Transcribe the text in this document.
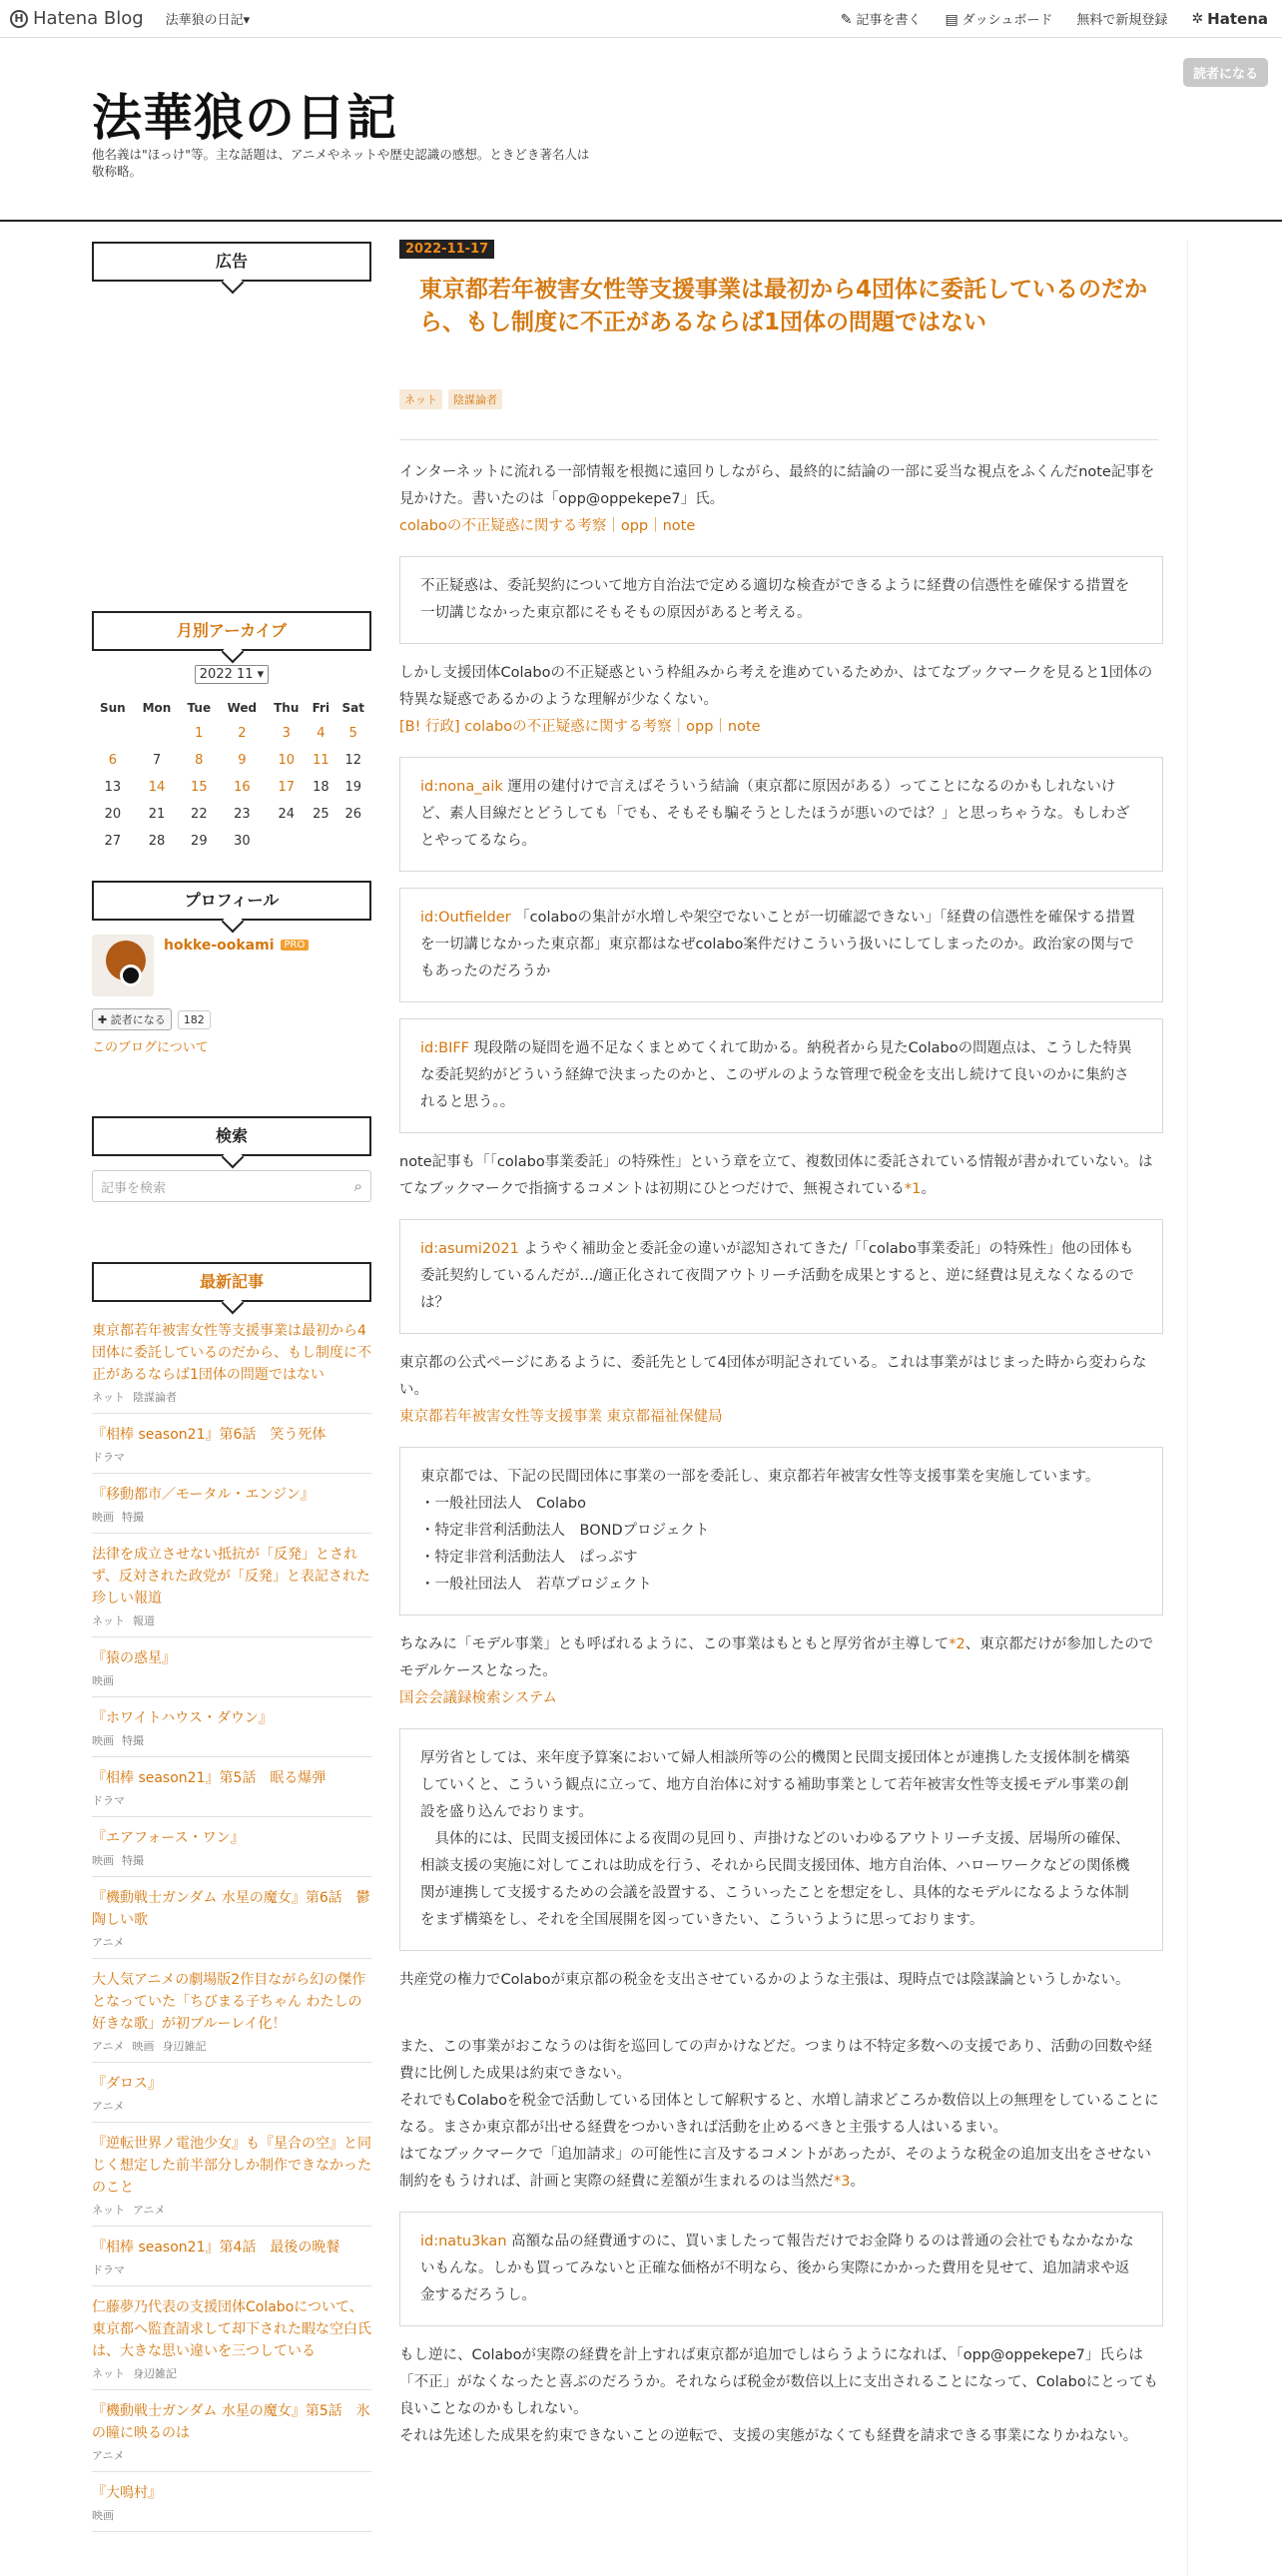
H Hatena Blog 法華狼の日記▾	✎ 記事を書く ▤ ダッシュボード 無料で新規登録 ✲ Hatena
法華狼の日記
他名義は"ほっけ"等。主な話題は、アニメやネットや歴史認識の感想。ときどき著名人は敬称略。
読者になる
広告
月別アーカイブ
2022 11 ▾
Sun	Mon	Tue	Wed	Thu	Fri	Sat
		1	2	3	4	5
6	7	8	9	10	11	12
13	14	15	16	17	18	19
20	21	22	23	24	25	26
27	28	29	30			
プロフィール
hokke-ookami PRO
✚ 読者になる	182
このブログについて
検索
記事を検索	⌕
最新記事
東京都若年被害女性等支援事業は最初から4団体に委託しているのだから、もし制度に不正があるならば1団体の問題ではない
ネット 陰謀論者
『相棒 season21』第6話　笑う死体
ドラマ
『移動都市／モータル・エンジン』
映画 特撮
法律を成立させない抵抗が「反発」とされず、反対された政党が「反発」と表記された珍しい報道
ネット 報道
『猿の惑星』
映画
『ホワイトハウス・ダウン』
映画 特撮
『相棒 season21』第5話　眠る爆弾
ドラマ
『エアフォース・ワン』
映画 特撮
『機動戦士ガンダム 水星の魔女』第6話　鬱陶しい歌
アニメ
大人気アニメの劇場版2作目ながら幻の傑作となっていた「ちびまる子ちゃん わたしの好きな歌」が初ブルーレイ化！
アニメ 映画 身辺雑記
『ダロス』
アニメ
『逆転世界ノ電池少女』も『星合の空』と同じく想定した前半部分しか制作できなかったのこと
ネット アニメ
『相棒 season21』第4話　最後の晩餐
ドラマ
仁藤夢乃代表の支援団体Colaboについて、東京都へ監査請求して却下された暇な空白氏は、大きな思い違いを三つしている
ネット 身辺雑記
『機動戦士ガンダム 水星の魔女』第5話　氷の瞳に映るのは
アニメ
『大鳴村』
映画
2022-11-17
東京都若年被害女性等支援事業は最初から4団体に委託しているのだから、もし制度に不正があるならば1団体の問題ではない
ネット	陰謀論者

インターネットに流れる一部情報を根拠に遠回りしながら、最終的に結論の一部に妥当な視点をふくんだnote記事を見かけた。書いたのは「opp@oppekepe7」氏。

colaboの不正疑惑に関する考察｜opp｜note

不正疑惑は、委託契約について地方自治法で定める適切な検査ができるように経費の信憑性を確保する措置を一切講じなかった東京都にそもそもの原因があると考える。

しかし支援団体Colaboの不正疑惑という枠組みから考えを進めているためか、はてなブックマークを見ると1団体の特異な疑惑であるかのような理解が少なくない。

[B! 行政] colaboの不正疑惑に関する考察｜opp｜note

id:nona_aik 運用の建付けで言えばそういう結論（東京都に原因がある）ってことになるのかもしれないけど、素人目線だとどうしても「でも、そもそも騙そうとしたほうが悪いのでは？」と思っちゃうな。もしわざとやってるなら。
id:Outfielder 「colaboの集計が水増しや架空でないことが一切確認できない」「経費の信憑性を確保する措置を一切講じなかった東京都」東京都はなぜcolabo案件だけこういう扱いにしてしまったのか。政治家の関与でもあったのだろうか
id:BIFF 現段階の疑問を過不足なくまとめてくれて助かる。納税者から見たColaboの問題点は、こうした特異な委託契約がどういう経緯で決まったのかと、このザルのような管理で税金を支出し続けて良いのかに集約されると思う。。

note記事も「「colabo事業委託」の特殊性」という章を立て、複数団体に委託されている情報が書かれていない。はてなブックマークで指摘するコメントは初期にひとつだけで、無視されている*1。

id:asumi2021 ようやく補助金と委託金の違いが認知されてきた/「「colabo事業委託」の特殊性」他の団体も委託契約しているんだが.../適正化されて夜間アウトリーチ活動を成果とすると、逆に経費は見えなくなるのでは？

東京都の公式ページにあるように、委託先として4団体が明記されている。これは事業がはじまった時から変わらない。

東京都若年被害女性等支援事業 東京都福祉保健局

東京都では、下記の民間団体に事業の一部を委託し、東京都若年被害女性等支援事業を実施しています。
・一般社団法人　Colabo
・特定非営利活動法人　BONDプロジェクト
・特定非営利活動法人　ぱっぷす
・一般社団法人　若草プロジェクト

ちなみに「モデル事業」とも呼ばれるように、この事業はもともと厚労省が主導して*2、東京都だけが参加したのでモデルケースとなった。

国会会議録検索システム

厚労省としては、来年度予算案において婦人相談所等の公的機関と民間支援団体とが連携した支援体制を構築していくと、こういう観点に立って、地方自治体に対する補助事業として若年被害女性等支援モデル事業の創設を盛り込んでおります。
　具体的には、民間支援団体による夜間の見回り、声掛けなどのいわゆるアウトリーチ支援、居場所の確保、相談支援の実施に対してこれは助成を行う、それから民間支援団体、地方自治体、ハローワークなどの関係機関が連携して支援するための会議を設置する、こういったことを想定をし、具体的なモデルになるような体制をまず構築をし、それを全国展開を図っていきたい、こういうように思っております。

共産党の権力でColaboが東京都の税金を支出させているかのような主張は、現時点では陰謀論というしかない。

また、この事業がおこなうのは街を巡回しての声かけなどだ。つまりは不特定多数への支援であり、活動の回数や経費に比例した成果は約束できない。

それでもColaboを税金で活動している団体として解釈すると、水増し請求どころか数倍以上の無理をしていることになる。まさか東京都が出せる経費をつかいきれば活動を止めるべきと主張する人はいるまい。

はてなブックマークで「追加請求」の可能性に言及するコメントがあったが、そのような税金の追加支出をさせない制約をもうければ、計画と実際の経費に差額が生まれるのは当然だ*3。

id:natu3kan 高額な品の経費通すのに、買いましたって報告だけでお金降りるのは普通の会社でもなかなかないもんな。しかも買ってみないと正確な価格が不明なら、後から実際にかかった費用を見せて、追加請求や返金するだろうし。

もし逆に、Colaboが実際の経費を計上すれば東京都が追加でしはらうようになれば、「opp@oppekepe7」氏らは「不正」がなくなったと喜ぶのだろうか。それならば税金が数倍以上に支出されることになって、Colaboにとっても良いことなのかもしれない。

それは先述した成果を約束できないことの逆転で、支援の実態がなくても経費を請求できる事業になりかねない。
